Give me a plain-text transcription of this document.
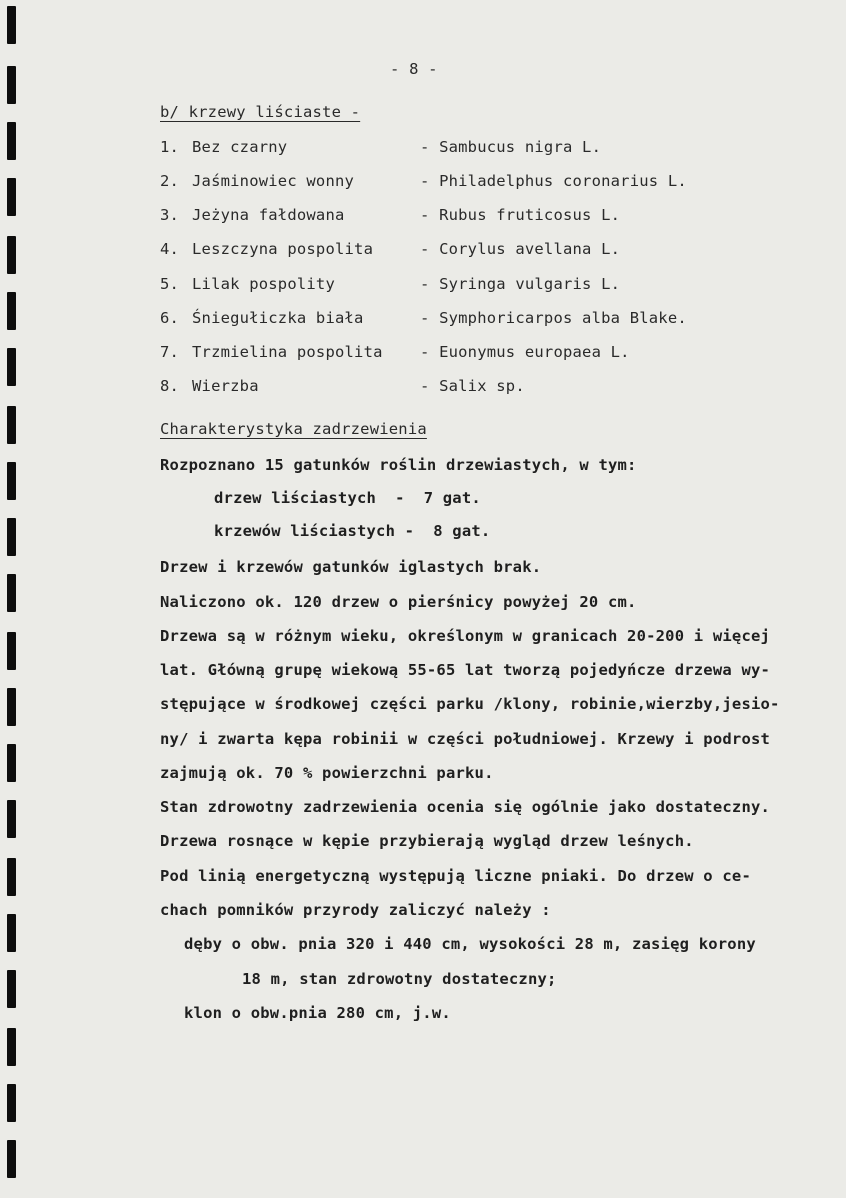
- 8 -
b/ krzewy liściaste -
1. Bez czarny	- Sambucus nigra L.
2. Jaśminowiec wonny	- Philadelphus coronarius L.
3. Jeżyna fałdowana	- Rubus fruticosus L.
4. Leszczyna pospolita	- Corylus avellana L.
5. Lilak pospolity	- Syringa vulgaris L.
6. Śniegułiczka biała	- Symphoricarpos alba Blake.
7. Trzmielina pospolita - Euonymus europaea L.
8. Wierzba	- Salix sp.
Charakterystyka zadrzewienia
Rozpoznano 15 gatunków roślin drzewiastych, w tym:
drzew liściastych  -  7 gat.
krzewów liściastych -  8 gat.
Drzew i krzewów gatunków iglastych brak.
Naliczono ok. 120 drzew o pierśnicy powyżej 20 cm.
Drzewa są w różnym wieku, określonym w granicach 20-200 i więcej
lat. Główną grupę wiekową 55-65 lat tworzą pojedyńcze drzewa wy-
stępujące w środkowej części parku /klony, robinie,wierzby,jesio-
ny/ i zwarta kępa robinii w części południowej. Krzewy i podrost
zajmują ok. 70 % powierzchni parku.
Stan zdrowotny zadrzewienia ocenia się ogólnie jako dostateczny.
Drzewa rosnące w kępie przybierają wygląd drzew leśnych.
Pod linią energetyczną występują liczne pniaki. Do drzew o ce-
chach pomników przyrody zaliczyć należy :
dęby o obw. pnia 320 i 440 cm, wysokości 28 m, zasięg korony
18 m, stan zdrowotny dostateczny;
klon o obw.pnia 280 cm, j.w.
